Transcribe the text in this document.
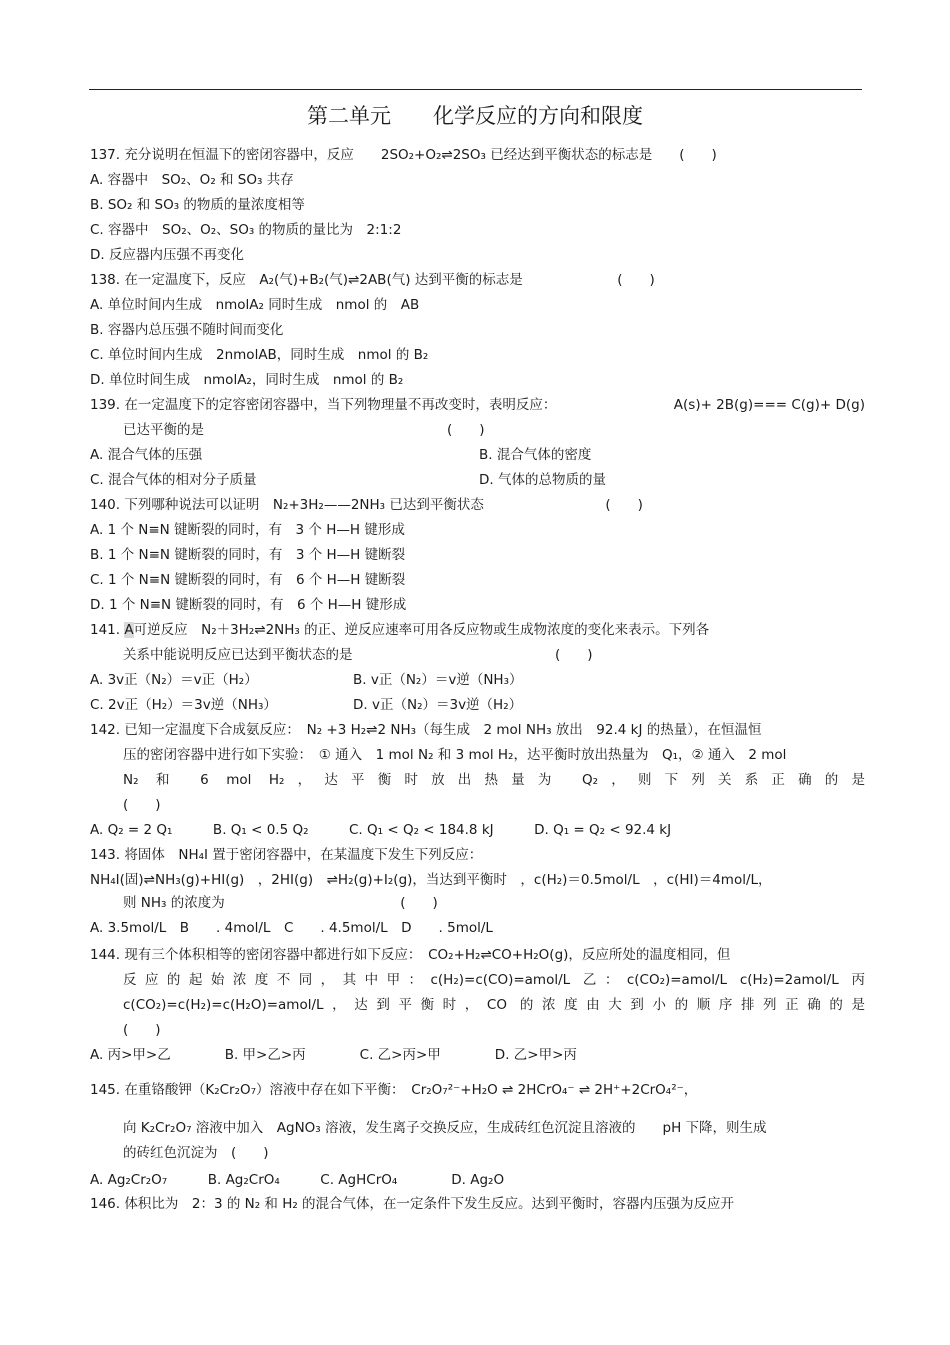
第二单元　　化学反应的方向和限度
137. 充分说明在恒温下的密闭容器中，反应　　2SO₂+O₂⇌2SO₃ 已经达到平衡状态的标志是　　(　　)
A. 容器中　SO₂、O₂ 和 SO₃ 共存
B. SO₂ 和 SO₃ 的物质的量浓度相等
C. 容器中　SO₂、O₂、SO₃ 的物质的量比为　2:1:2
D. 反应器内压强不再变化
138. 在一定温度下，反应　A₂(气)+B₂(气)⇌2AB(气) 达到平衡的标志是　　　　　　　(　　)
A. 单位时间内生成　nmolA₂ 同时生成　nmol 的　AB
B. 容器内总压强不随时间而变化
C. 单位时间内生成　2nmolAB，同时生成　nmol 的 B₂
D. 单位时间生成　nmolA₂，同时生成　nmol 的 B₂
139. 在一定温度下的定容密闭容器中，当下列物理量不再改变时，表明反应：	A(s)+ 2B(g)=== C(g)+ D(g)
已达平衡的是　　　　　　　　　　　　　　　　　　(　　)
A. 混合气体的压强	B. 混合气体的密度
C. 混合气体的相对分子质量	D. 气体的总物质的量
140. 下列哪种说法可以证明　N₂+3H₂——2NH₃ 已达到平衡状态　　　　　　　　　(　　)
A. 1 个 N≡N 键断裂的同时，有　3 个 H—H 键形成
B. 1 个 N≡N 键断裂的同时，有　3 个 H—H 键断裂
C. 1 个 N≡N 键断裂的同时，有　6 个 H—H 键断裂
D. 1 个 N≡N 键断裂的同时，有　6 个 H—H 键形成
141. A可逆反应　N₂＋3H₂⇌2NH₃ 的正、逆反应速率可用各反应物或生成物浓度的变化来表示。下列各
关系中能说明反应已达到平衡状态的是　　　　　　　　　　　　　　　(　　)
A. 3v正（N₂）＝v正（H₂）	B. v正（N₂）＝v逆（NH₃）
C. 2v正（H₂）＝3v逆（NH₃）	D. v正（N₂）＝3v逆（H₂）
142. 已知一定温度下合成氨反应：　N₂ +3 H₂⇌2 NH₃（每生成　2 mol NH₃ 放出　92.4 kJ 的热量），在恒温恒
压的密闭容器中进行如下实验：　① 通入　1 mol N₂ 和 3 mol H₂，达平衡时放出热量为　Q₁，② 通入　2 mol
N₂ 和 6 mol H₂，达平衡时放出热量为 Q₂，则下列关系正确的是
(　　)
A. Q₂ = 2 Q₁　　　B. Q₁ < 0.5 Q₂　　　C. Q₁ < Q₂ < 184.8 kJ　　　D. Q₁ = Q₂ < 92.4 kJ
143. 将固体　NH₄I 置于密闭容器中，在某温度下发生下列反应：
NH₄I(固)⇌NH₃(g)+HI(g)　，2HI(g)　⇌H₂(g)+I₂(g)，当达到平衡时　，c(H₂)＝0.5mol/L　，c(HI)＝4mol/L，
则 NH₃ 的浓度为　　　　　　　　　　　　　(　　)
A. 3.5mol/L　B　　. 4mol/L　C　　. 4.5mol/L　D　　. 5mol/L
144. 现有三个体积相等的密闭容器中都进行如下反应：　CO₂+H₂⇌CO+H₂O(g)，反应所处的温度相同，但
反应的起始浓度不同，其中甲：c(H₂)=c(CO)=amol/L 乙：c(CO₂)=amol/L c(H₂)=2amol/L 丙
c(CO₂)=c(H₂)=c(H₂O)=amol/L，达到平衡时，CO 的浓度由大到小的顺序排列正确的是
(　　)
A. 丙>甲>乙　　　　B. 甲>乙>丙　　　　C. 乙>丙>甲　　　　D. 乙>甲>丙
145. 在重铬酸钾（K₂Cr₂O₇）溶液中存在如下平衡：　Cr₂O₇²⁻+H₂O ⇌ 2HCrO₄⁻ ⇌ 2H⁺+2CrO₄²⁻，
向 K₂Cr₂O₇ 溶液中加入　AgNO₃ 溶液，发生离子交换反应，生成砖红色沉淀且溶液的　　pH 下降，则生成
的砖红色沉淀为　(　　)
A. Ag₂Cr₂O₇　　　B. Ag₂CrO₄　　　C. AgHCrO₄　　　　D. Ag₂O
146. 体积比为　2：3 的 N₂ 和 H₂ 的混合气体，在一定条件下发生反应。达到平衡时，容器内压强为反应开
